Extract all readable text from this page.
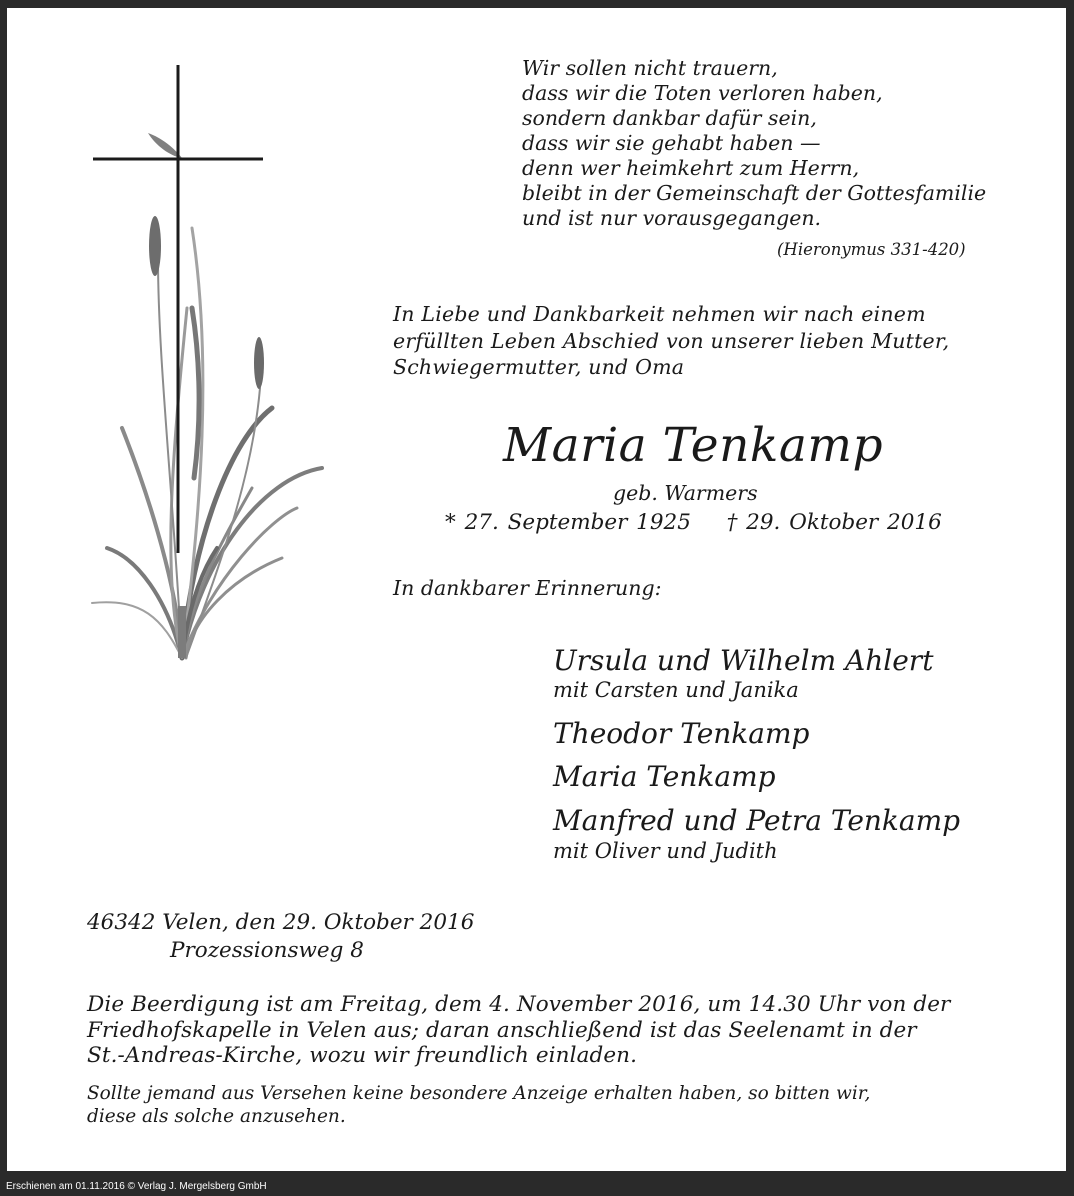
Wir sollen nicht trauern,
dass wir die Toten verloren haben,
sondern dankbar dafür sein,
dass wir sie gehabt haben —
denn wer heimkehrt zum Herrn,
bleibt in der Gemeinschaft der Gottesfamilie
und ist nur vorausgegangen.
(Hieronymus 331-420)
In Liebe und Dankbarkeit nehmen wir nach einem
erfüllten Leben Abschied von unserer lieben Mutter,
Schwiegermutter, und Oma
Maria Tenkamp
geb. Warmers
* 27. September 1925 † 29. Oktober 2016
In dankbarer Erinnerung:
Ursula und Wilhelm Ahlert
mit Carsten und Janika
Theodor Tenkamp
Maria Tenkamp
Manfred und Petra Tenkamp
mit Oliver und Judith
46342 Velen, den 29. Oktober 2016
Prozessionsweg 8
Die Beerdigung ist am Freitag, dem 4. November 2016, um 14.30 Uhr von der
Friedhofskapelle in Velen aus; daran anschließend ist das Seelenamt in der
St.-Andreas-Kirche, wozu wir freundlich einladen.
Sollte jemand aus Versehen keine besondere Anzeige erhalten haben, so bitten wir,
diese als solche anzusehen.
Erschienen am 01.11.2016 © Verlag J. Mergelsberg GmbH
